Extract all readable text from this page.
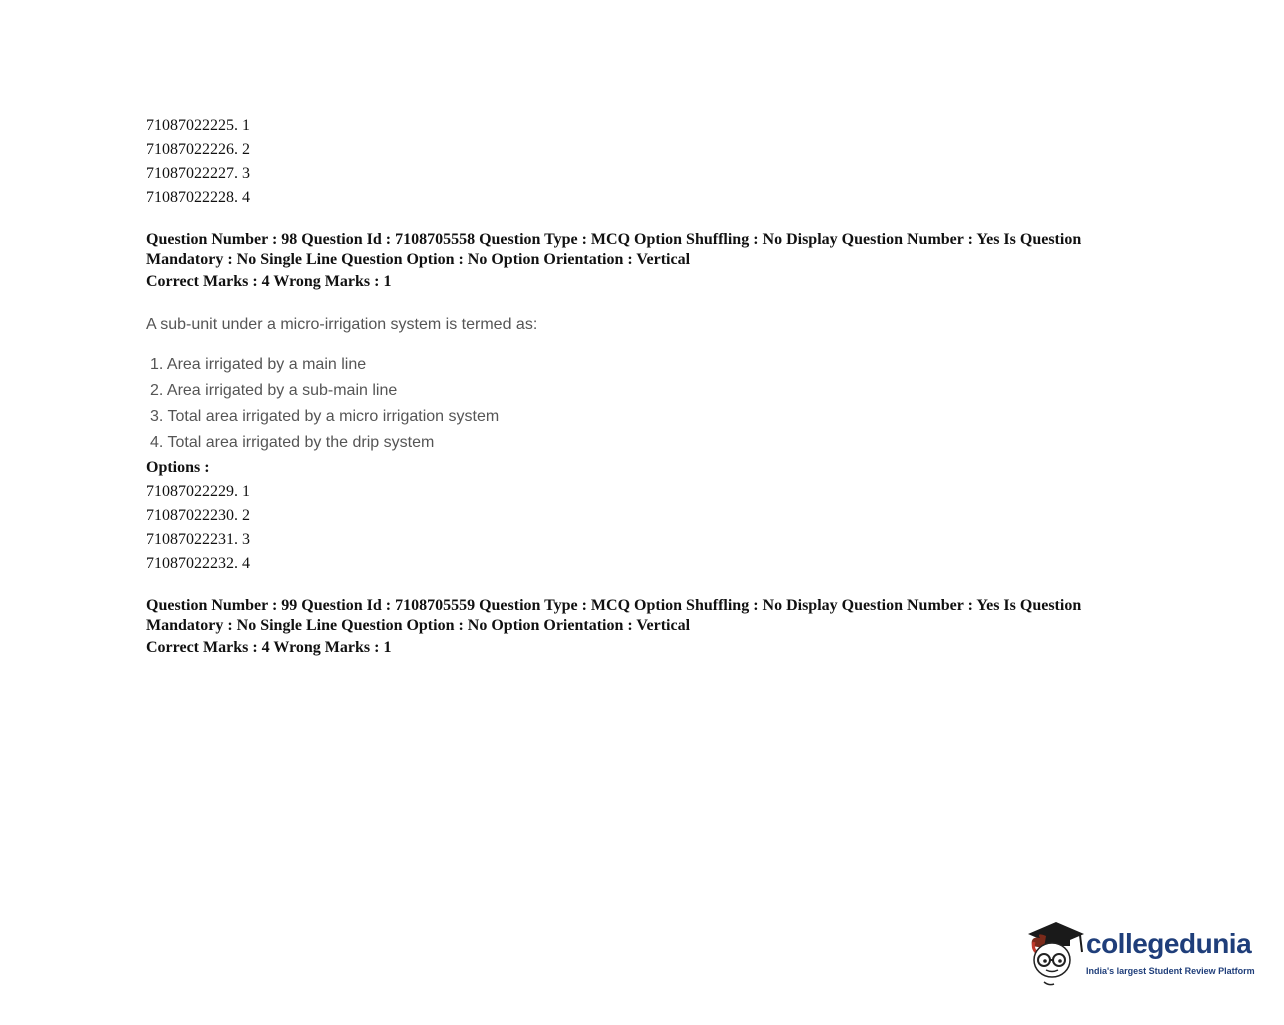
71087022225. 1
71087022226. 2
71087022227. 3
71087022228. 4
Question Number : 98 Question Id : 7108705558 Question Type : MCQ Option Shuffling : No Display Question Number : Yes Is Question Mandatory : No Single Line Question Option : No Option Orientation : Vertical
Correct Marks : 4 Wrong Marks : 1
A sub-unit under a micro-irrigation system is termed as:
1. Area irrigated by a main line
2. Area irrigated by a sub-main line
3. Total area irrigated by a micro irrigation system
4. Total area irrigated by the drip system
Options :
71087022229. 1
71087022230. 2
71087022231. 3
71087022232. 4
Question Number : 99 Question Id : 7108705559 Question Type : MCQ Option Shuffling : No Display Question Number : Yes Is Question Mandatory : No Single Line Question Option : No Option Orientation : Vertical
Correct Marks : 4 Wrong Marks : 1
collegedunia
India's largest Student Review Platform
